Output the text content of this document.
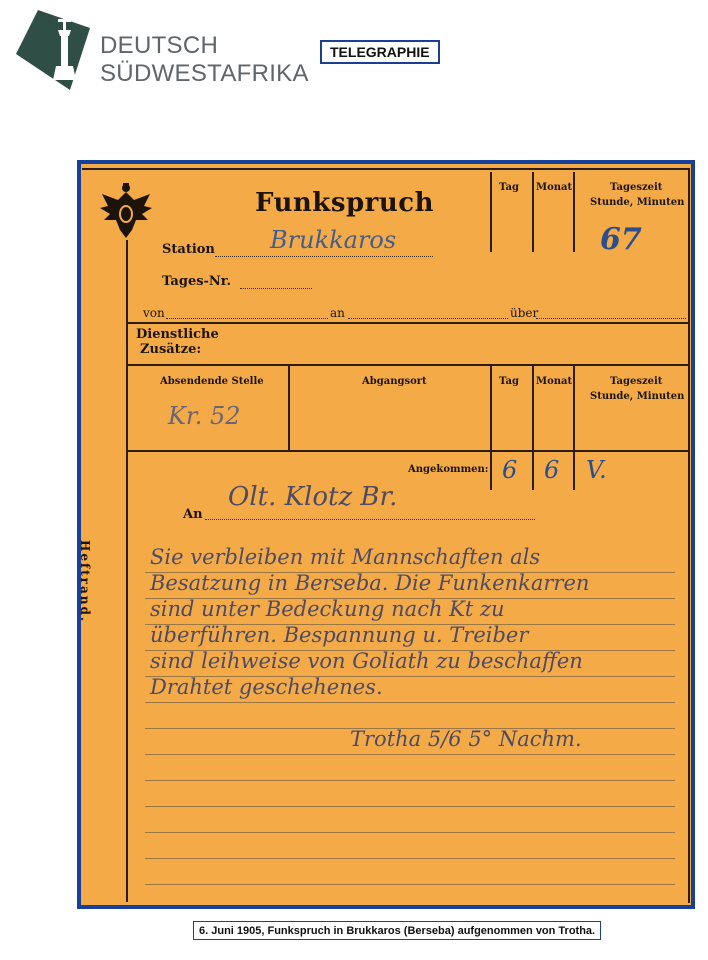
DEUTSCH
SÜDWESTAFRIKA
TELEGRAPHIE
Funkspruch
Tag Monat	Tageszeit
Stunde, Minuten
67
Station Brukkaros
Tages-Nr.
von	an	über
Dienstliche
Zusätze:
Absendende Stelle	Abgangsort	Tag Monat	Tageszeit
Stunde, Minuten
Kr. 52
Angekommen: 6 6 V.
An
Olt. Klotz Br.
Heftrand.	Sie verbleiben mit Mannschaften als
Besatzung in Berseba. Die Funkenkarren
sind unter Bedeckung nach Kt zu
überführen. Bespannung u. Treiber
sind leihweise von Goliath zu beschaffen
Drahtet geschehenes.
Trotha 5/6 5° Nachm.
6. Juni 1905, Funkspruch in Brukkaros (Berseba) aufgenommen von Trotha.
